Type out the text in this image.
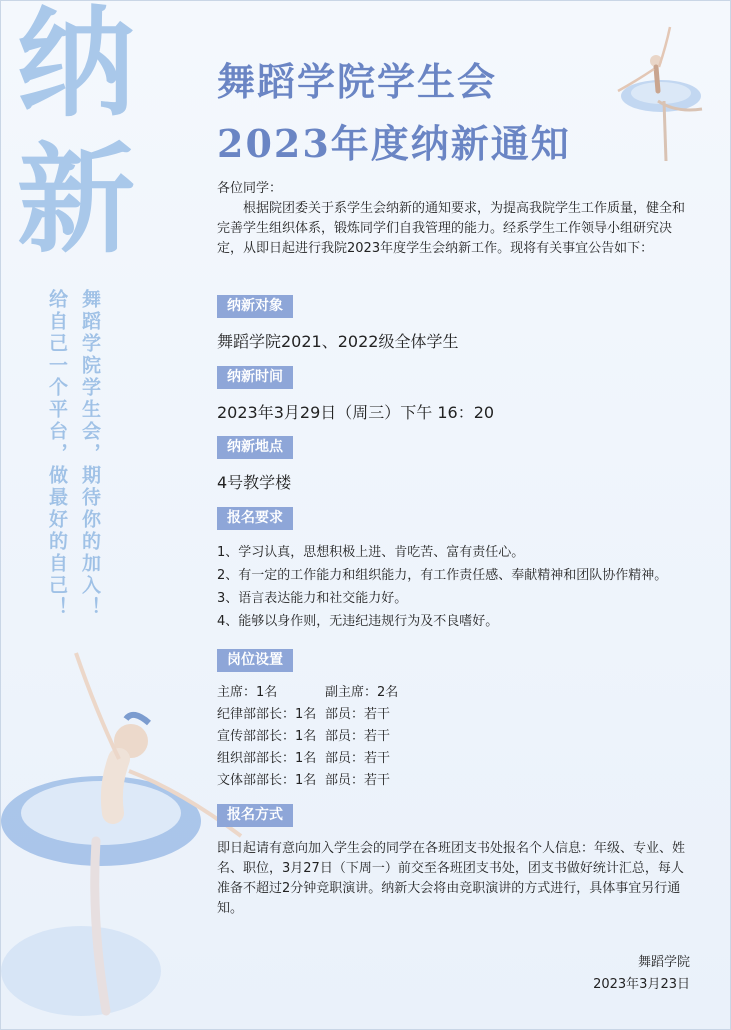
纳
新
舞蹈学院学生会，期待你的加入！
给自己一个平台，做最好的自己！
舞蹈学院学生会
2023年度纳新通知
各位同学：
根据院团委关于系学生会纳新的通知要求，为提高我院学生工作质量，健全和完善学生组织体系，锻炼同学们自我管理的能力。经系学生工作领导小组研究决定，从即日起进行我院2023年度学生会纳新工作。现将有关事宜公告如下：
纳新对象
舞蹈学院2021、2022级全体学生
纳新时间
2023年3月29日（周三）下午 16：20
纳新地点
4号教学楼
报名要求
1、学习认真，思想积极上进、肯吃苦、富有责任心。
2、有一定的工作能力和组织能力，有工作责任感、奉献精神和团队协作精神。
3、语言表达能力和社交能力好。
4、能够以身作则，无违纪违规行为及不良嗜好。
岗位设置
主席：1名	副主席：2名
纪律部部长：1名 部员：若干
宣传部部长：1名 部员：若干
组织部部长：1名 部员：若干
文体部部长：1名 部员：若干
报名方式
即日起请有意向加入学生会的同学在各班团支书处报名个人信息：年级、专业、姓名、职位，3月27日（下周一）前交至各班团支书处，团支书做好统计汇总，每人准备不超过2分钟竞职演讲。纳新大会将由竞职演讲的方式进行，具体事宜另行通知。
舞蹈学院
2023年3月23日
